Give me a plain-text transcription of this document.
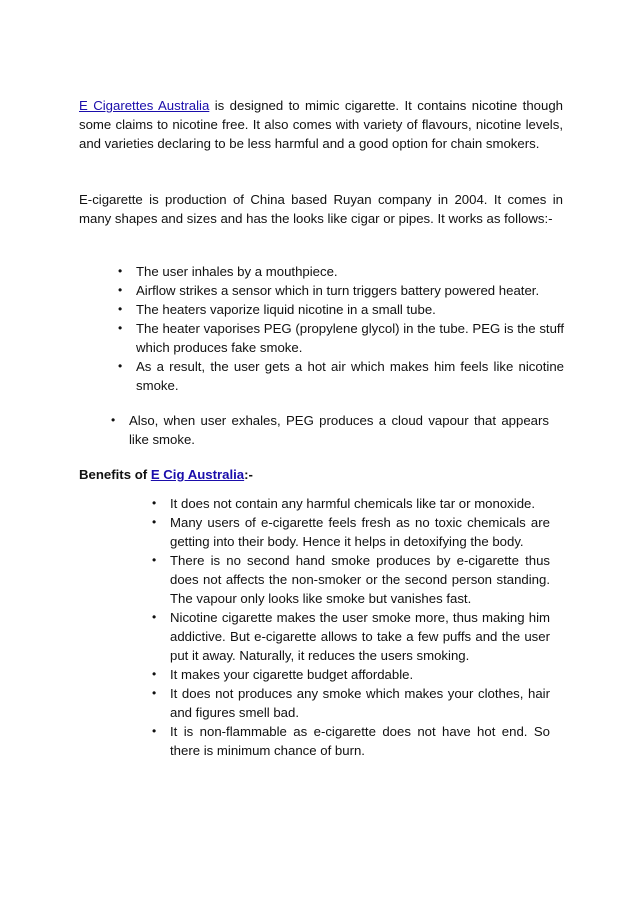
E Cigarettes Australia is designed to mimic cigarette. It contains nicotine though some claims to nicotine free. It also comes with variety of flavours, nicotine levels, and varieties declaring to be less harmful and a good option for chain smokers.

E-cigarette is production of China based Ruyan company in 2004. It comes in many shapes and sizes and has the looks like cigar or pipes. It works as follows:-

• The user inhales by a mouthpiece.
• Airflow strikes a sensor which in turn triggers battery powered heater.
• The heaters vaporize liquid nicotine in a small tube.
• The heater vaporises PEG (propylene glycol) in the tube. PEG is the stuff which produces fake smoke.
• As a result, the user gets a hot air which makes him feels like nicotine smoke.
• Also, when user exhales, PEG produces a cloud vapour that appears like smoke.

Benefits of E Cig Australia:-

• It does not contain any harmful chemicals like tar or monoxide.
• Many users of e-cigarette feels fresh as no toxic chemicals are getting into their body. Hence it helps in detoxifying the body.
• There is no second hand smoke produces by e-cigarette thus does not affects the non-smoker or the second person standing. The vapour only looks like smoke but vanishes fast.
• Nicotine cigarette makes the user smoke more, thus making him addictive. But e-cigarette allows to take a few puffs and the user put it away. Naturally, it reduces the users smoking.
• It makes your cigarette budget affordable.
• It does not produces any smoke which makes your clothes, hair and figures smell bad.
• It is non-flammable as e-cigarette does not have hot end. So there is minimum chance of burn.
